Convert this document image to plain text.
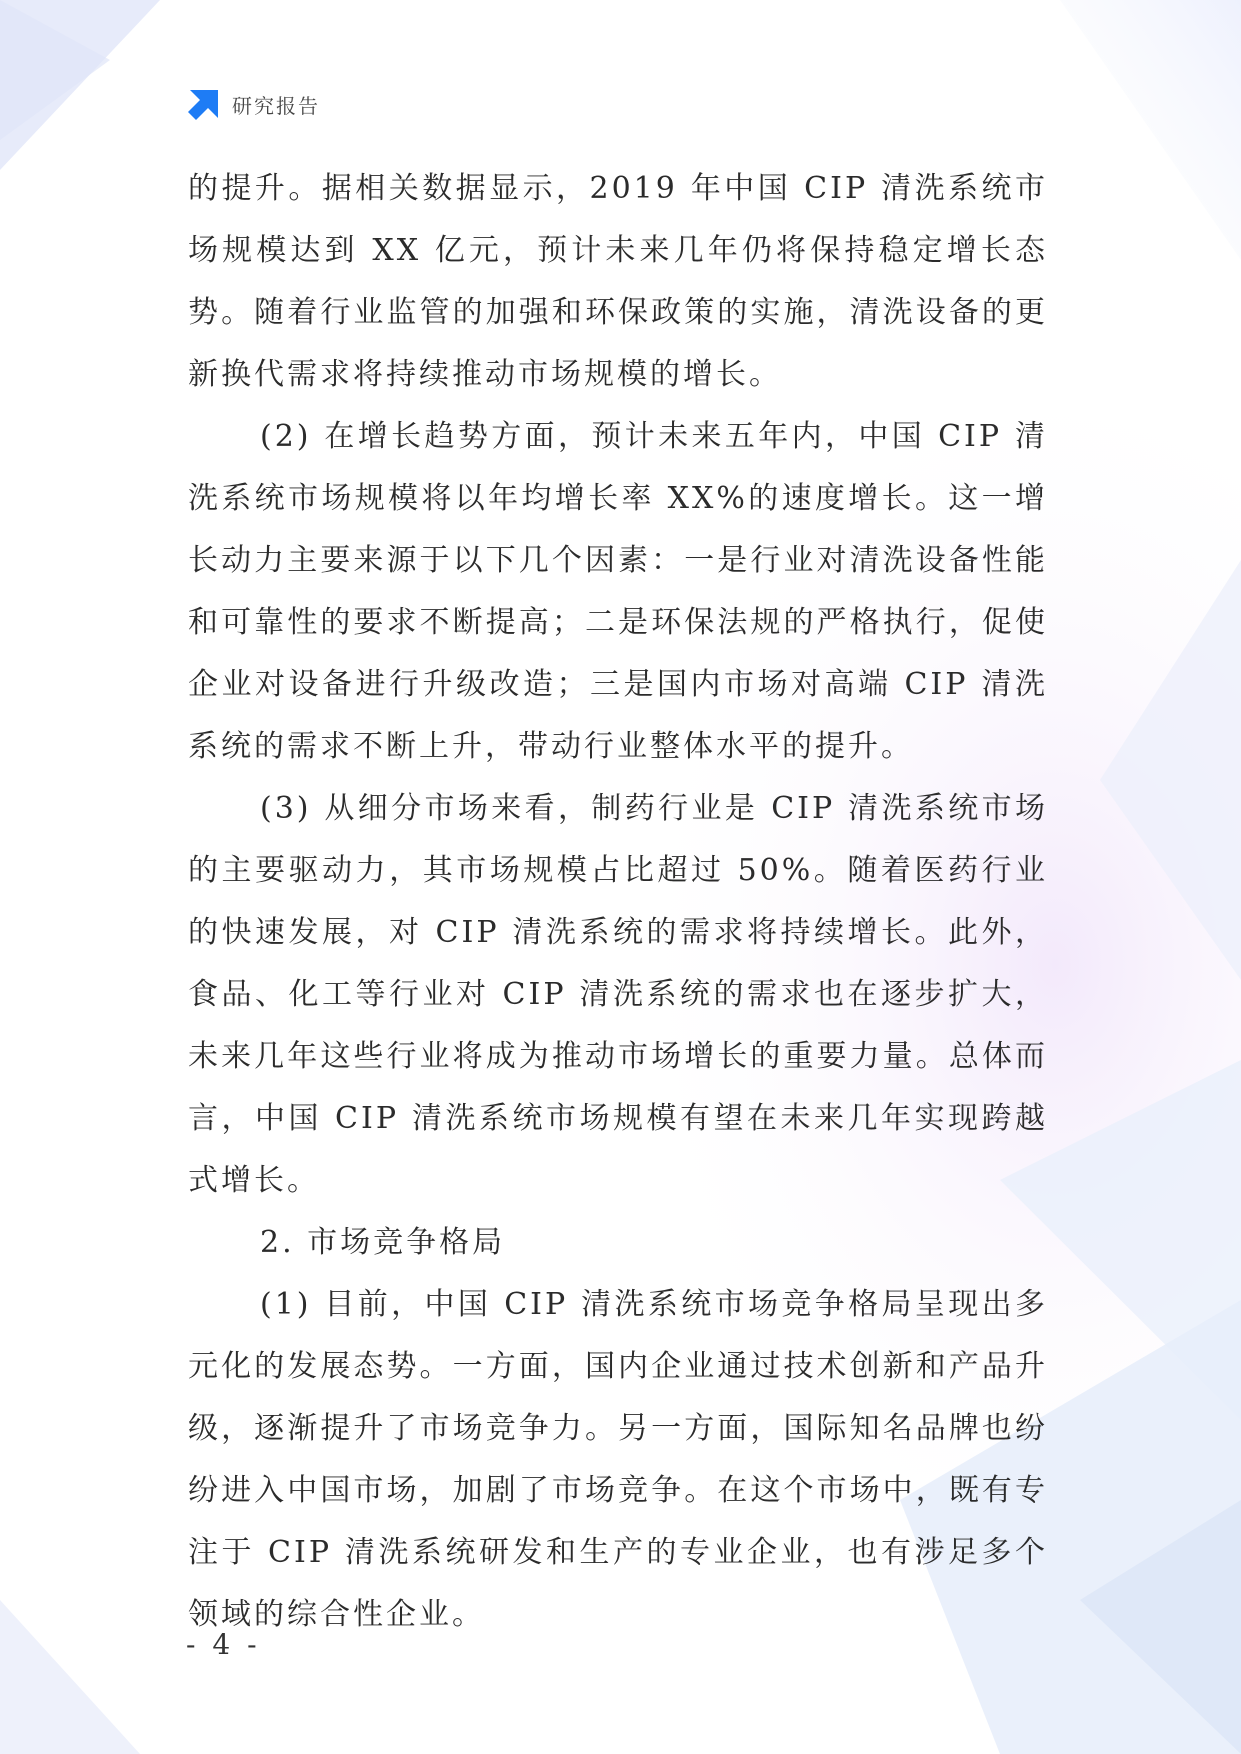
研究报告

的提升。据相关数据显示，2019 年中国 CIP 清洗系统市场规模达到 XX 亿元，预计未来几年仍将保持稳定增长态势。随着行业监管的加强和环保政策的实施，清洗设备的更新换代需求将持续推动市场规模的增长。

(2) 在增长趋势方面，预计未来五年内，中国 CIP 清洗系统市场规模将以年均增长率 XX%的速度增长。这一增长动力主要来源于以下几个因素：一是行业对清洗设备性能和可靠性的要求不断提高；二是环保法规的严格执行，促使企业对设备进行升级改造；三是国内市场对高端 CIP 清洗系统的需求不断上升，带动行业整体水平的提升。

(3) 从细分市场来看，制药行业是 CIP 清洗系统市场的主要驱动力，其市场规模占比超过 50%。随着医药行业的快速发展，对 CIP 清洗系统的需求将持续增长。此外，食品、化工等行业对 CIP 清洗系统的需求也在逐步扩大，未来几年这些行业将成为推动市场增长的重要力量。总体而言，中国 CIP 清洗系统市场规模有望在未来几年实现跨越式增长。

2. 市场竞争格局

(1) 目前，中国 CIP 清洗系统市场竞争格局呈现出多元化的发展态势。一方面，国内企业通过技术创新和产品升级，逐渐提升了市场竞争力。另一方面，国际知名品牌也纷纷进入中国市场，加剧了市场竞争。在这个市场中，既有专注于 CIP 清洗系统研发和生产的专业企业，也有涉足多个领域的综合性企业。

- 4 -
